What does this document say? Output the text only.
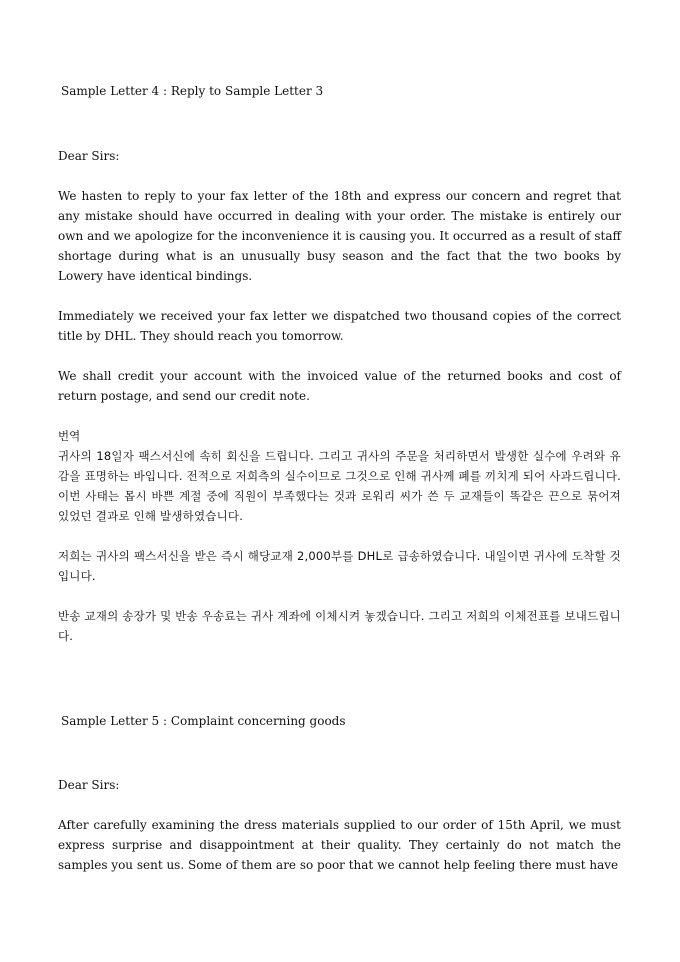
Sample Letter 4 : Reply to Sample Letter 3
Dear Sirs:
We hasten to reply to your fax letter of the 18th and express our concern and regret that any mistake should have occurred in dealing with your order. The mistake is entirely our own and we apologize for the inconvenience it is causing you. It occurred as a result of staff shortage during what is an unusually busy season and the fact that the two books by Lowery have identical bindings.
Immediately we received your fax letter we dispatched two thousand copies of the correct title by DHL. They should reach you tomorrow.
We shall credit your account with the invoiced value of the returned books and cost of return postage, and send our credit note.
번역
귀사의 18일자 팩스서신에 속히 회신을 드립니다. 그리고 귀사의 주문을 처리하면서 발생한 실수에 우려와 유감을 표명하는 바입니다. 전적으로 저희측의 실수이므로 그것으로 인해 귀사께 폐를 끼치게 되어 사과드립니다. 이번 사태는 몹시 바쁜 계절 중에 직원이 부족했다는 것과 로워리 씨가 쓴 두 교재들이 똑같은 끈으로 묶어져 있었던 결과로 인해 발생하였습니다.
저희는 귀사의 팩스서신을 받은 즉시 해당교재 2,000부를 DHL로 급송하였습니다. 내일이면 귀사에 도착할 것입니다.
반송 교재의 송장가 및 반송 우송료는 귀사 계좌에 이체시켜 놓겠습니다. 그리고 저희의 이체전표를 보내드립니다.
Sample Letter 5 : Complaint concerning goods
Dear Sirs:
After carefully examining the dress materials supplied to our order of 15th April, we must express surprise and disappointment at their quality. They certainly do not match the samples you sent us. Some of them are so poor that we cannot help feeling there must have
